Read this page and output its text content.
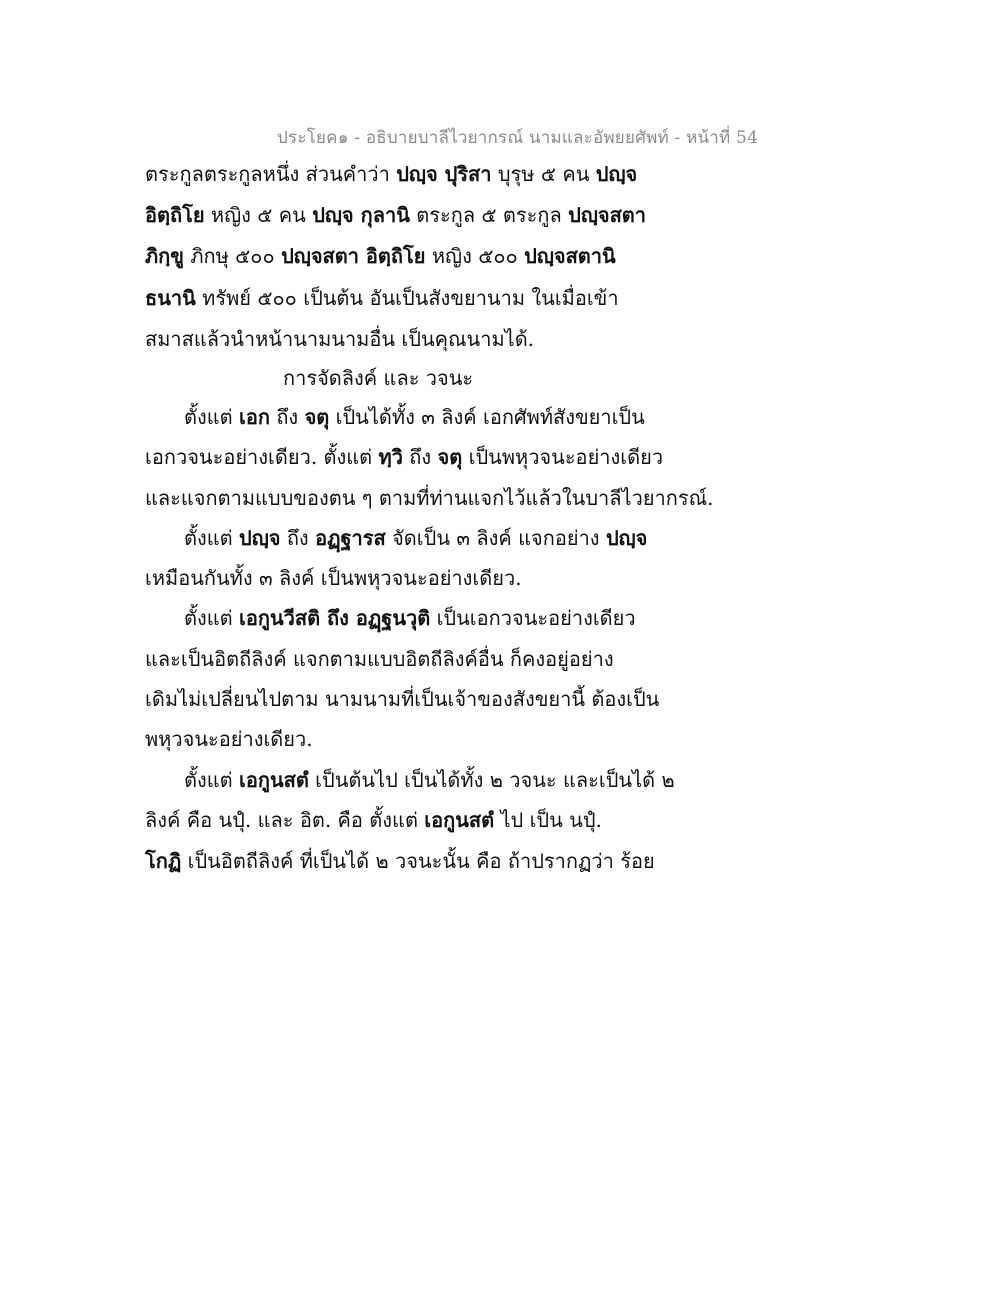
ประโยค๑ - อธิบายบาลีไวยากรณ์ นามและอัพยยศัพท์ - หน้าที่ 54
ตระกูลตระกูลหนึ่ง ส่วนคำว่า ปญฺจ ปุริสา บุรุษ ๕ คน ปญฺจ
อิตฺถิโย หญิง ๕ คน ปญฺจ กุลานิ ตระกูล ๕ ตระกูล ปญฺจสตา
ภิกฺขู ภิกษุ ๕๐๐ ปญฺจสตา อิตฺถิโย หญิง ๕๐๐ ปญฺจสตานิ
ธนานิ ทรัพย์ ๕๐๐ เป็นต้น อันเป็นสังขยานาม ในเมื่อเข้า
สมาสแล้วนำหน้านามนามอื่น เป็นคุณนามได้.
การจัดลิงค์ และ วจนะ
ตั้งแต่ เอก ถึง จตุ เป็นได้ทั้ง ๓ ลิงค์ เอกศัพท์สังขยาเป็น
เอกวจนะอย่างเดียว. ตั้งแต่ ทฺวิ ถึง จตุ เป็นพหุวจนะอย่างเดียว
และแจกตามแบบของตน ๆ ตามที่ท่านแจกไว้แล้วในบาลีไวยากรณ์.
ตั้งแต่ ปญฺจ ถึง อฏฺฐารส จัดเป็น ๓ ลิงค์ แจกอย่าง ปญฺจ
เหมือนกันทั้ง ๓ ลิงค์ เป็นพหุวจนะอย่างเดียว.
ตั้งแต่ เอกูนวีสติ ถึง อฏฺฐนวุติ เป็นเอกวจนะอย่างเดียว
และเป็นอิตถีลิงค์ แจกตามแบบอิตถีลิงค์อื่น ก็คงอยู่อย่าง
เดิมไม่เปลี่ยนไปตาม นามนามที่เป็นเจ้าของสังขยานี้ ต้องเป็น
พหุวจนะอย่างเดียว.
ตั้งแต่ เอกูนสตํ เป็นต้นไป เป็นได้ทั้ง ๒ วจนะ และเป็นได้ ๒
ลิงค์ คือ นปุํ. และ อิต. คือ ตั้งแต่ เอกูนสตํ ไป เป็น นปุํ.
โกฏิ เป็นอิตถีลิงค์ ที่เป็นได้ ๒ วจนะนั้น คือ ถ้าปรากฏว่า ร้อย
